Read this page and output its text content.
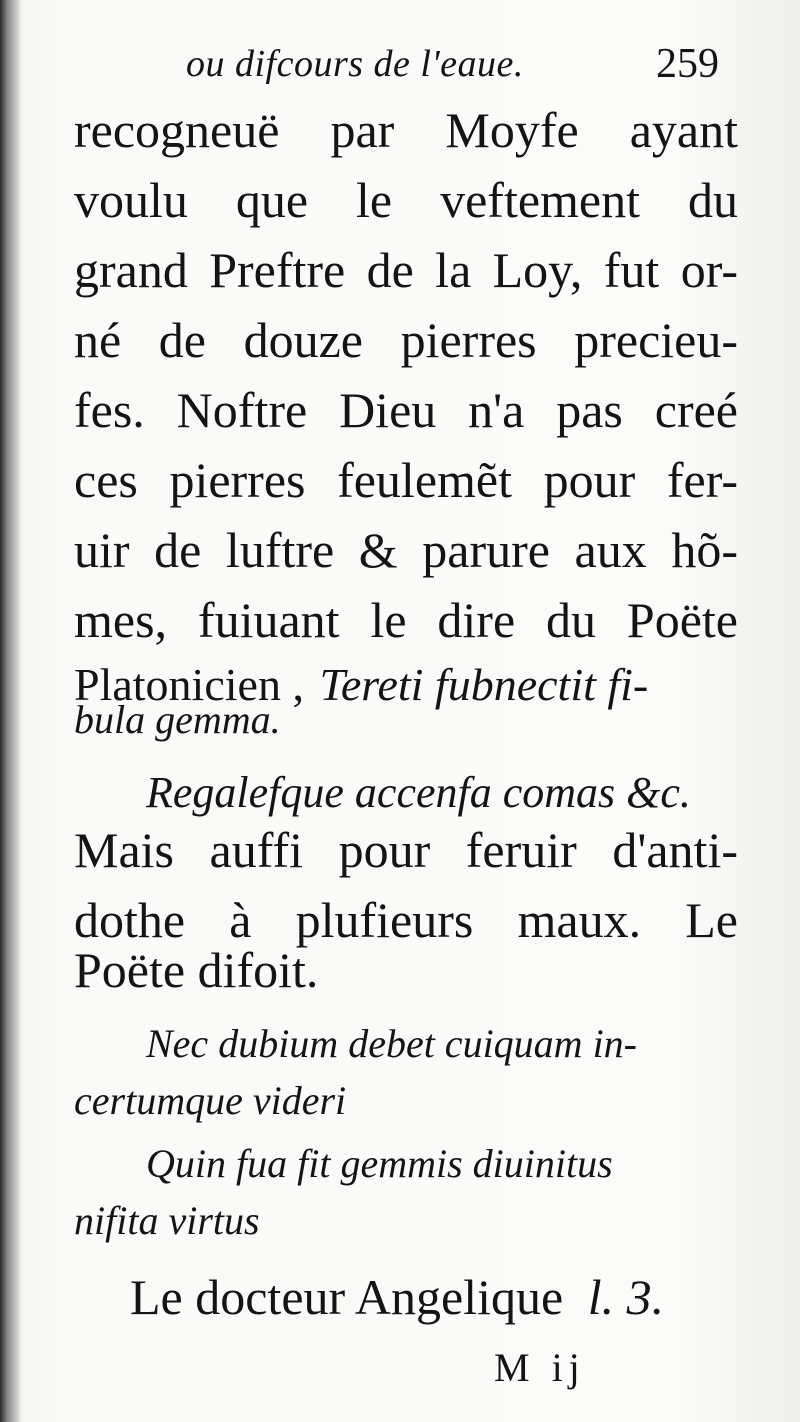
ou difcours de l'eaue.	259
recogneuë par Moyfe ayant
voulu que le veftement du
grand Preftre de la Loy, fut or-
né de douze pierres precieu-
fes. Noftre Dieu n'a pas creé
ces pierres feulemẽt pour fer-
uir de luftre & parure aux hõ-
mes, fuiuant le dire du Poëte
Platonicien , Tereti fubnectit fi-
bula gemma.
Regalefque accenfa comas &c.
Mais auffi pour feruir d'anti-
dothe à plufieurs maux. Le
Poëte difoit.
Nec dubium debet cuiquam in-
certumque videri
Quin fua fit gemmis diuinitus
nifita virtus
Le docteur Angelique l. 3.
M ij
